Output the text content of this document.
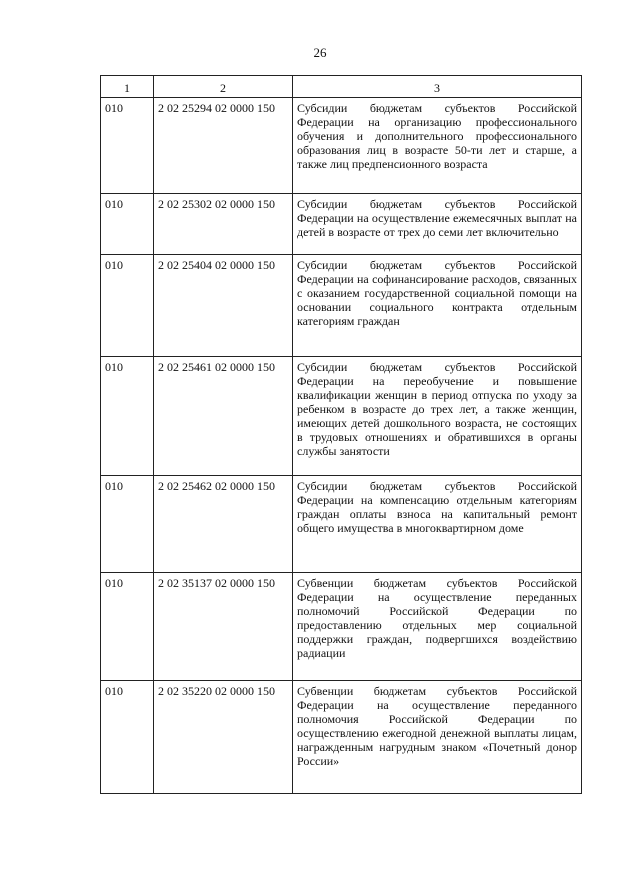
26
1	2	3
010	2 02 25294 02 0000 150	Субсидии бюджетам субъектов Российской Федерации на организацию профессионального обучения и дополнительного профессионального образования лиц в возрасте 50-ти лет и старше, а также лиц предпенсионного возраста
010	2 02 25302 02 0000 150	Субсидии бюджетам субъектов Российской Федерации на осуществление ежемесячных выплат на детей в возрасте от трех до семи лет включительно
010	2 02 25404 02 0000 150	Субсидии бюджетам субъектов Российской Федерации на софинансирование расходов, связанных с оказанием государственной социальной помощи на основании социального контракта отдельным категориям граждан
010	2 02 25461 02 0000 150	Субсидии бюджетам субъектов Российской Федерации на переобучение и повышение квалификации женщин в период отпуска по уходу за ребенком в возрасте до трех лет, а также женщин, имеющих детей дошкольного возраста, не состоящих в трудовых отношениях и обратившихся в органы службы занятости
010	2 02 25462 02 0000 150	Субсидии бюджетам субъектов Российской Федерации на компенсацию отдельным категориям граждан оплаты взноса на капитальный ремонт общего имущества в многоквартирном доме
010	2 02 35137 02 0000 150	Субвенции бюджетам субъектов Российской Федерации на осуществление переданных полномочий Российской Федерации по предоставлению отдельных мер социальной поддержки граждан, подвергшихся воздействию радиации
010	2 02 35220 02 0000 150	Субвенции бюджетам субъектов Российской Федерации на осуществление переданного полномочия Российской Федерации по осуществлению ежегодной денежной выплаты лицам, награжденным нагрудным знаком «Почетный донор России»
